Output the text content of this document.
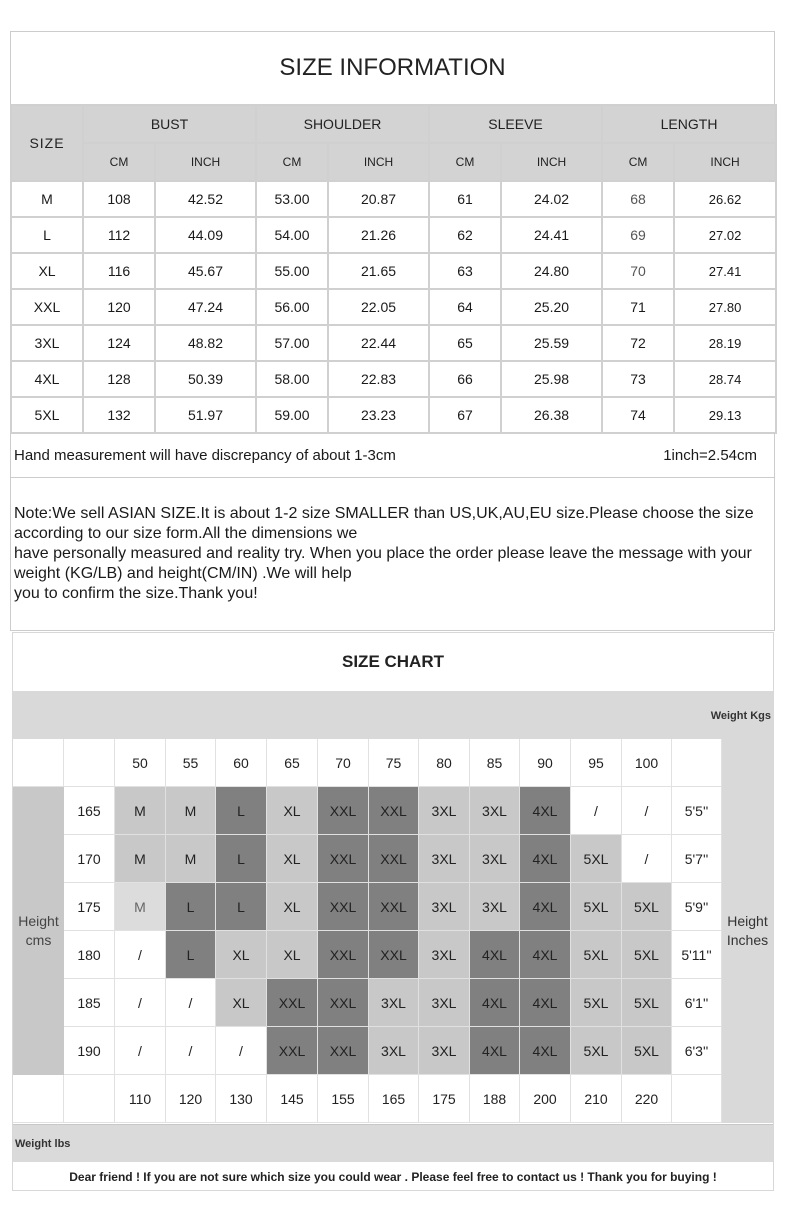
SIZE INFORMATION
SIZE	BUST		SHOULDER		SLEEVE		LENGTH	
	CM	INCH	CM	INCH	CM	INCH	CM	INCH
M	108	42.52	53.00	20.87	61	24.02	68	26.62
L	112	44.09	54.00	21.26	62	24.41	69	27.02
XL	116	45.67	55.00	21.65	63	24.80	70	27.41
XXL	120	47.24	56.00	22.05	64	25.20	71	27.80
3XL	124	48.82	57.00	22.44	65	25.59	72	28.19
4XL	128	50.39	58.00	22.83	66	25.98	73	28.74
5XL	132	51.97	59.00	23.23	67	26.38	74	29.13
Hand measurement will have discrepancy of about 1-3cm	1inch=2.54cm
Note:We sell ASIAN SIZE.It is about 1-2 size SMALLER than US,UK,AU,EU size.Please choose the size according to our size form.All the dimensions we
have personally measured and reality try. When you place the order please leave the message with your weight (KG/LB) and height(CM/IN) .We will help
you to confirm the size.Thank you!
SIZE CHART
Weight Kgs
50	55	60	65	70	75	80	85	90	95	100
Height cms
Height Inches
165	M	M	L	XL	XXL	XXL	3XL	3XL	4XL	/	/	5'5''
170	M	M	L	XL	XXL	XXL	3XL	3XL	4XL	5XL	/	5'7''
175	M	L	L	XL	XXL	XXL	3XL	3XL	4XL	5XL	5XL	5'9''
180	/	L	XL	XL	XXL	XXL	3XL	4XL	4XL	5XL	5XL	5'11''
185	/	/	XL	XXL	XXL	3XL	3XL	4XL	4XL	5XL	5XL	6'1''
190	/	/	/	XXL	XXL	3XL	3XL	4XL	4XL	5XL	5XL	6'3''
110	120	130	145	155	165	175	188	200	210	220
Weight lbs
Dear friend ! If you are not sure which size you could wear . Please feel free to contact us ! Thank you for buying !
